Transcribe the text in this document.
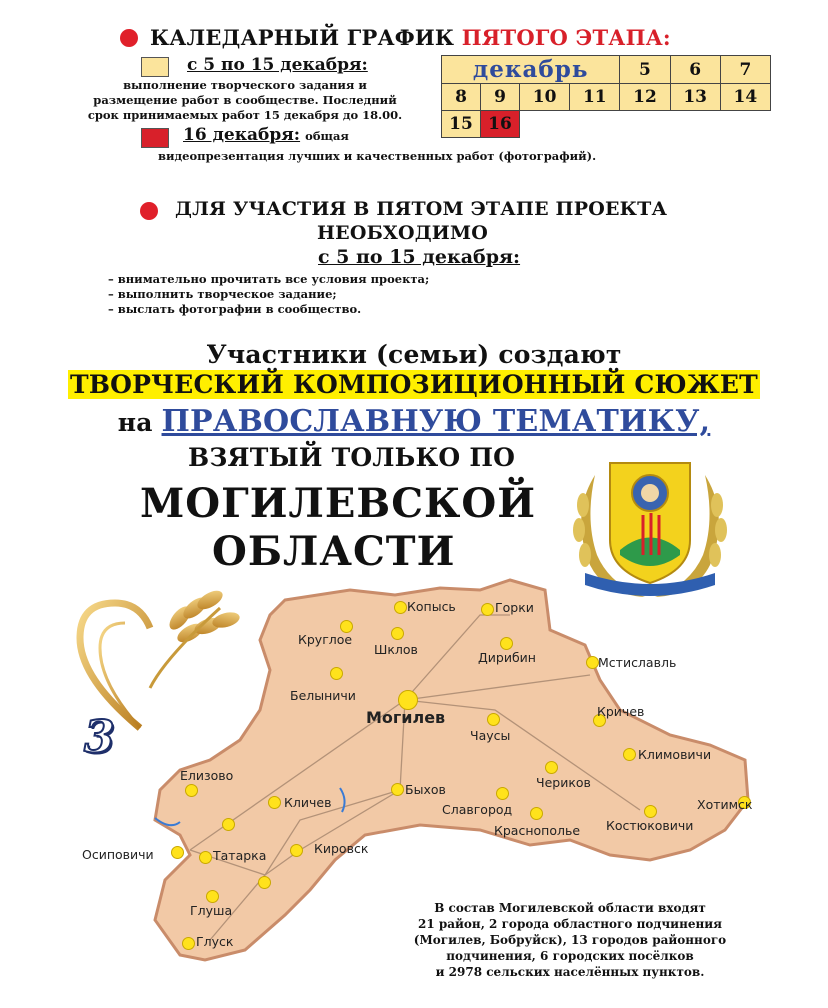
КАЛЕДАРНЫЙ ГРАФИК ПЯТОГО ЭТАПА:
с 5 по 15 декабря:
выполнение творческого задания и
размещение работ в сообществе. Последний
срок принимаемых работ 15 декабря до 18.00.
16 декабря: общая
видеопрезентация лучших и качественных работ (фотографий).
декабрь				5	6	7
8	9	10	11	12	13	14
15	16					
ДЛЯ УЧАСТИЯ В ПЯТОМ ЭТАПЕ ПРОЕКТА
НЕОБХОДИМО
с 5 по 15 декабря:
– внимательно прочитать все условия проекта;
– выполнить творческое задание;
– выслать фотографии в сообщество.
Участники (семьи) создают
ТВОРЧЕСКИЙ КОМПОЗИЦИОННЫЙ СЮЖЕТ
на ПРАВОСЛАВНУЮ ТЕМАТИКУ,
ВЗЯТЫЙ ТОЛЬКО ПО
МОГИЛЕВСКОЙ
ОБЛАСТИ
Могилев
Копысь	Горки
Круглое
Шклов
Дирибин	Мстиславль
Белыничи
Чаусы
Кричев
Климовичи
Елизово
Кличев
Быхов	Чериков
Славгород	Хотимск
Костюковичи
Краснополье
Осиповичи	Татарка	Кировск
Глуша
Глуск
3
В состав Могилевской области входят
21 район, 2 города областного подчинения
(Могилев, Бобруйск), 13 городов районного
подчинения, 6 городских посёлков
и 2978 сельских населённых пунктов.
